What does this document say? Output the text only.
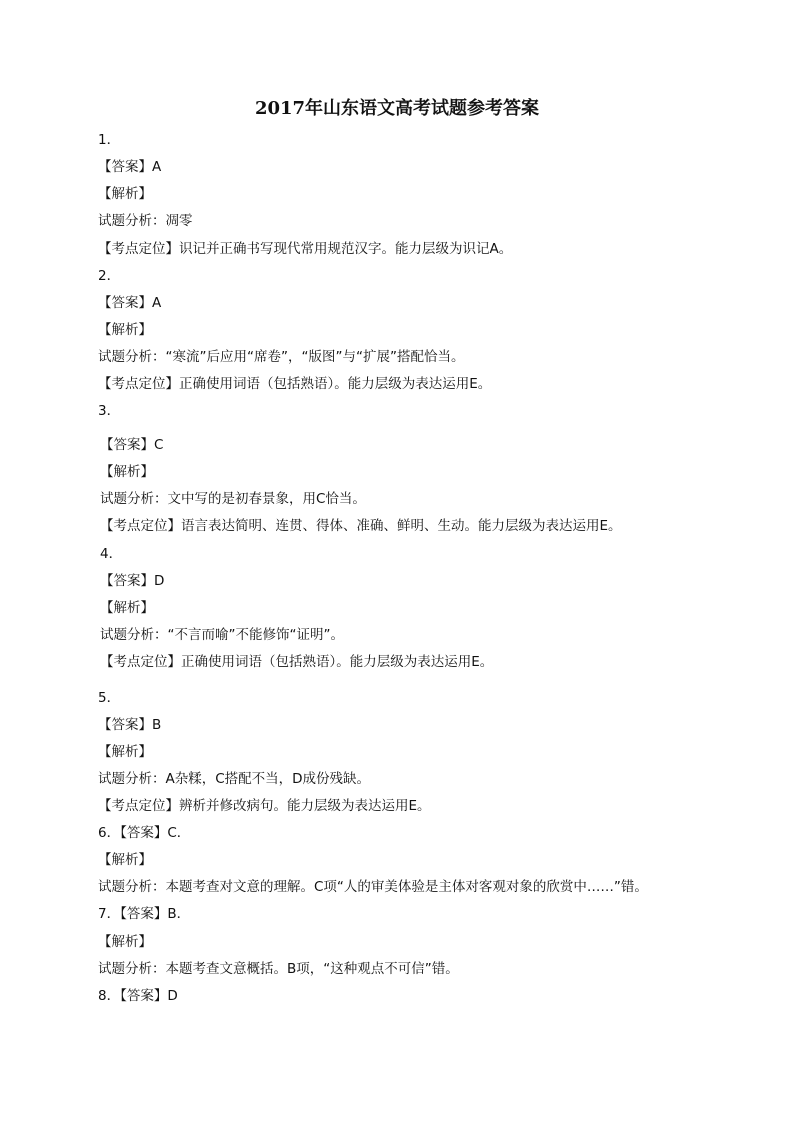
2017年山东语文高考试题参考答案
1．
【答案】A
【解析】
试题分析：凋零
【考点定位】识记并正确书写现代常用规范汉字。能力层级为识记A。
2．
【答案】A
【解析】
试题分析：“寒流”后应用“席卷”，“版图”与“扩展”搭配恰当。
【考点定位】正确使用词语（包括熟语）。能力层级为表达运用E。
3．
【答案】C
【解析】
试题分析：文中写的是初春景象，用C恰当。
【考点定位】语言表达简明、连贯、得体、准确、鲜明、生动。能力层级为表达运用E。
4．
【答案】D
【解析】
试题分析：“不言而喻”不能修饰“证明”。
【考点定位】正确使用词语（包括熟语）。能力层级为表达运用E。
5．
【答案】B
【解析】
试题分析：A杂糅，C搭配不当，D成份残缺。
【考点定位】辨析并修改病句。能力层级为表达运用E。
6．【答案】C．
【解析】
试题分析：本题考查对文意的理解。C项“人的审美体验是主体对客观对象的欣赏中……”错。
7．【答案】B．
【解析】
试题分析：本题考查文意概括。B项，“这种观点不可信”错。
8．【答案】D
